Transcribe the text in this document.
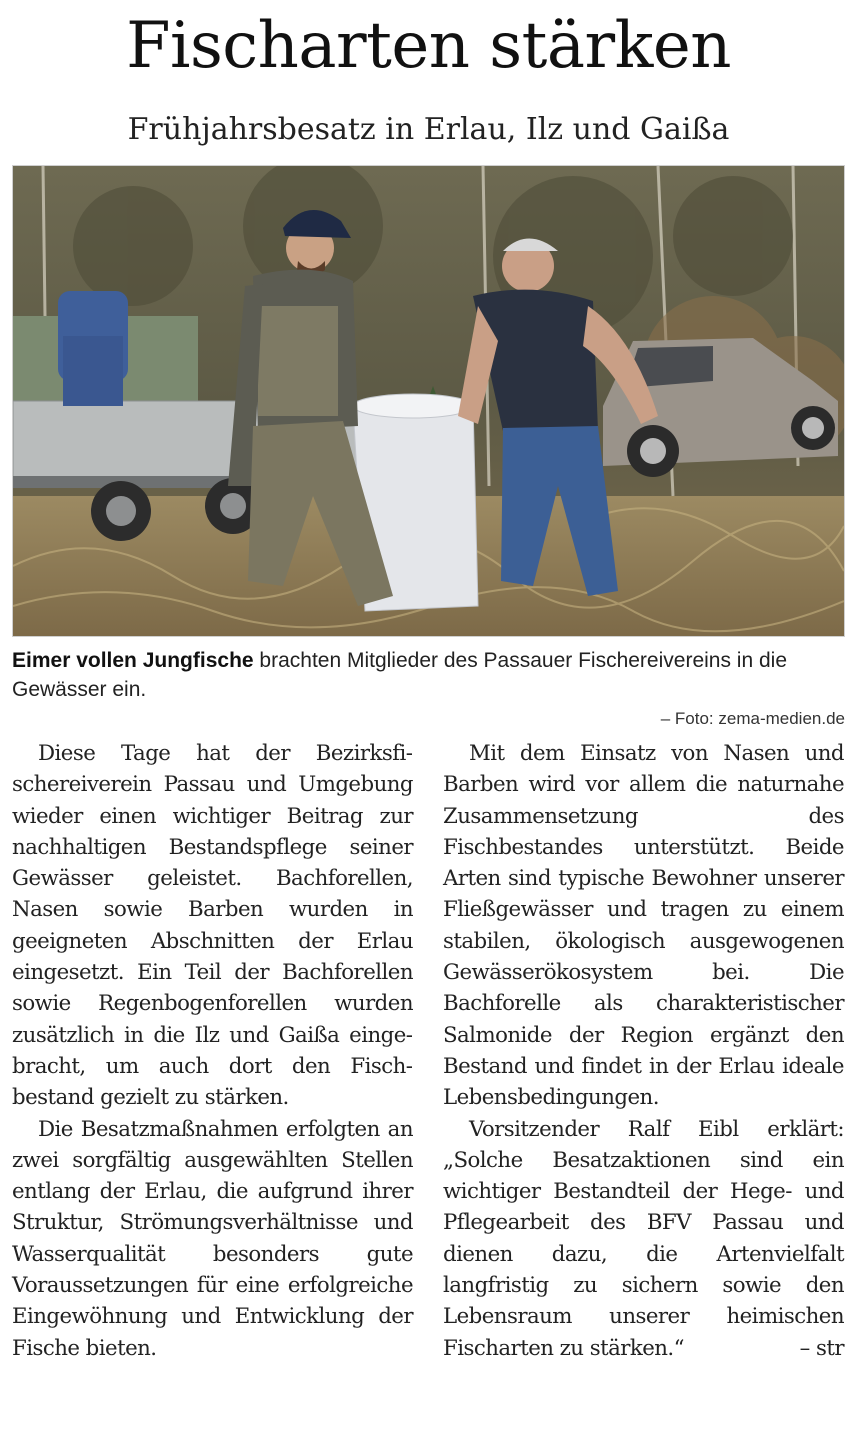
Fischarten stärken
Frühjahrsbesatz in Erlau, Ilz und Gaißa
Eimer vollen Jungfische brachten Mitglieder des Passauer Fischereivereins in die Gewässer ein.
– Foto: zema-medien.de

Diese Tage hat der Bezirksfischereiverein Passau und Umgebung wieder einen wichtiger Beitrag zur nachhaltigen Bestandspflege seiner Gewässer geleistet. Bachforellen, Nasen sowie Barben wurden in geeigneten Abschnitten der Erlau eingesetzt. Ein Teil der Bachforellen sowie Regenbogenforellen wurden zusätzlich in die Ilz und Gaißa eingebracht, um auch dort den Fischbestand gezielt zu stärken.

Die Besatzmaßnahmen erfolgten an zwei sorgfältig ausgewählten Stellen entlang der Erlau, die aufgrund ihrer Struktur, Strömungsverhältnisse und Wasserqualität besonders gute Voraussetzungen für eine erfolgreiche Eingewöhnung und Entwicklung der Fische bieten.

Mit dem Einsatz von Nasen und Barben wird vor allem die naturnahe Zusammensetzung des Fischbestandes unterstützt. Beide Arten sind typische Bewohner unserer Fließgewässer und tragen zu einem stabilen, ökologisch ausgewogenen Gewässerökosystem bei. Die Bachforelle als charakteristischer Salmonide der Region ergänzt den Bestand und findet in der Erlau ideale Lebensbedingungen.

Vorsitzender Ralf Eibl erklärt: „Solche Besatzaktionen sind ein wichtiger Bestandteil der Hege- und Pflegearbeit des BFV Passau und dienen dazu, die Artenvielfalt langfristig zu sichern sowie den Lebensraum unserer heimischen Fischarten zu stärken.“	– str
